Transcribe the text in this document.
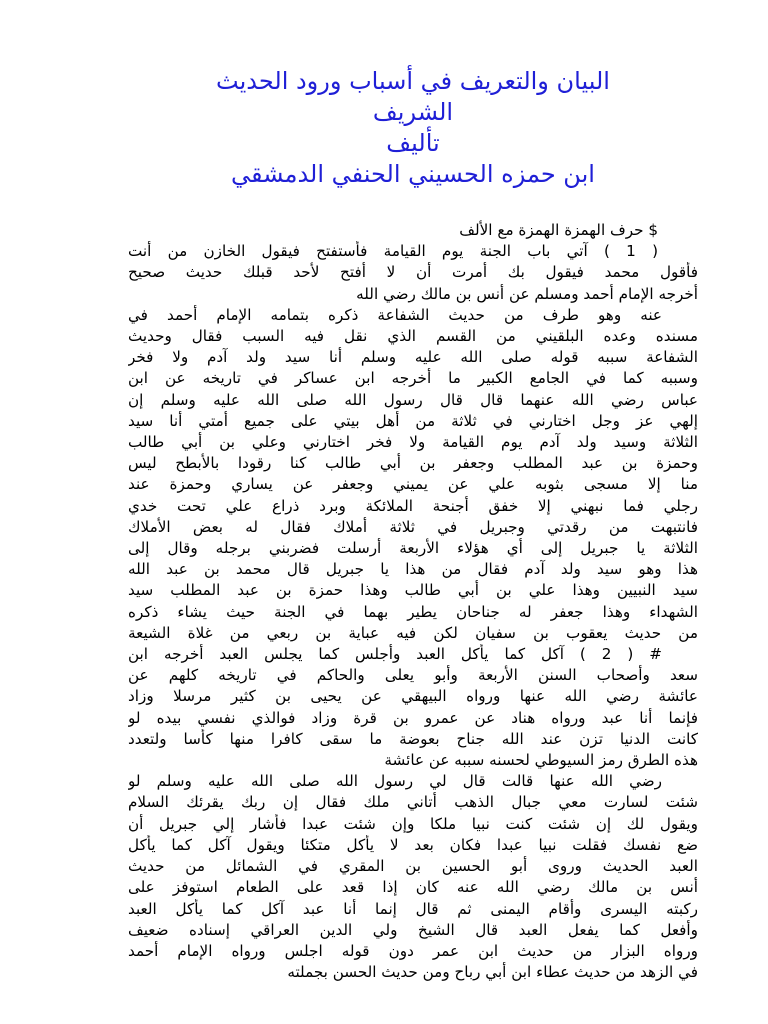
البيان والتعريف في أسباب ورود الحديث
الشريف
تأليف
ابن حمزه الحسيني الحنفي الدمشقي
$ حرف الهمزة الهمزة مع الألف
( 1 ) آتي باب الجنة يوم القيامة فأستفتح فيقول الخازن من أنت
فأقول محمد فيقول بك أمرت أن لا أفتح لأحد قبلك حديث صحيح
أخرجه الإمام أحمد ومسلم عن أنس بن مالك رضي الله
عنه وهو طرف من حديث الشفاعة ذكره بتمامه الإمام أحمد في
مسنده وعده البلقيني من القسم الذي نقل فيه السبب فقال وحديث
الشفاعة سببه قوله صلى الله عليه وسلم أنا سيد ولد آدم ولا فخر
وسببه كما في الجامع الكبير ما أخرجه ابن عساكر في تاريخه عن ابن
عباس رضي الله عنهما قال قال رسول الله صلى الله عليه وسلم إن
إلهي عز وجل اختارني في ثلاثة من أهل بيتي على جميع أمتي أنا سيد
الثلاثة وسيد ولد آدم يوم القيامة ولا فخر اختارني وعلي بن أبي طالب
وحمزة بن عبد المطلب وجعفر بن أبي طالب كنا رقودا بالأبطح ليس
منا إلا مسجى بثوبه علي عن يميني وجعفر عن يساري وحمزة عند
رجلي فما نبهني إلا خفق أجنحة الملائكة وبرد ذراع علي تحت خدي
فانتبهت من رقدتي وجبريل في ثلاثة أملاك فقال له بعض الأملاك
الثلاثة يا جبريل إلى أي هؤلاء الأربعة أرسلت فضربني برجله وقال إلى
هذا وهو سيد ولد آدم فقال من هذا يا جبريل قال محمد بن عبد الله
سيد النبيين وهذا علي بن أبي طالب وهذا حمزة بن عبد المطلب سيد
الشهداء وهذا جعفر له جناحان يطير بهما في الجنة حيث يشاء ذكره
من حديث يعقوب بن سفيان لكن فيه عباية بن ربعي من غلاة الشيعة
# ( 2 ) آكل كما يأكل العبد وأجلس كما يجلس العبد أخرجه ابن
سعد وأصحاب السنن الأربعة وأبو يعلى والحاكم في تاريخه كلهم عن
عائشة رضي الله عنها ورواه البيهقي عن يحيى بن كثير مرسلا وزاد
فإنما أنا عبد ورواه هناد عن عمرو بن قرة وزاد فوالذي نفسي بيده لو
كانت الدنيا تزن عند الله جناح بعوضة ما سقى كافرا منها كأسا ولتعدد
هذه الطرق رمز السيوطي لحسنه سببه عن عائشة
رضي الله عنها قالت قال لي رسول الله صلى الله عليه وسلم لو
شئت لسارت معي جبال الذهب أتاني ملك فقال إن ربك يقرئك السلام
ويقول لك إن شئت كنت نبيا ملكا وإن شئت عبدا فأشار إلي جبريل أن
ضع نفسك فقلت نبيا عبدا فكان بعد لا يأكل متكئا ويقول آكل كما يأكل
العبد الحديث وروى أبو الحسين بن المقري في الشمائل من حديث
أنس بن مالك رضي الله عنه كان إذا قعد على الطعام استوفز على
ركبته اليسرى وأقام اليمنى ثم قال إنما أنا عبد آكل كما يأكل العبد
وأفعل كما يفعل العبد قال الشيخ ولي الدين العراقي إسناده ضعيف
ورواه البزار من حديث ابن عمر دون قوله اجلس ورواه الإمام أحمد
في الزهد من حديث عطاء ابن أبي رباح ومن حديث الحسن بجملته
